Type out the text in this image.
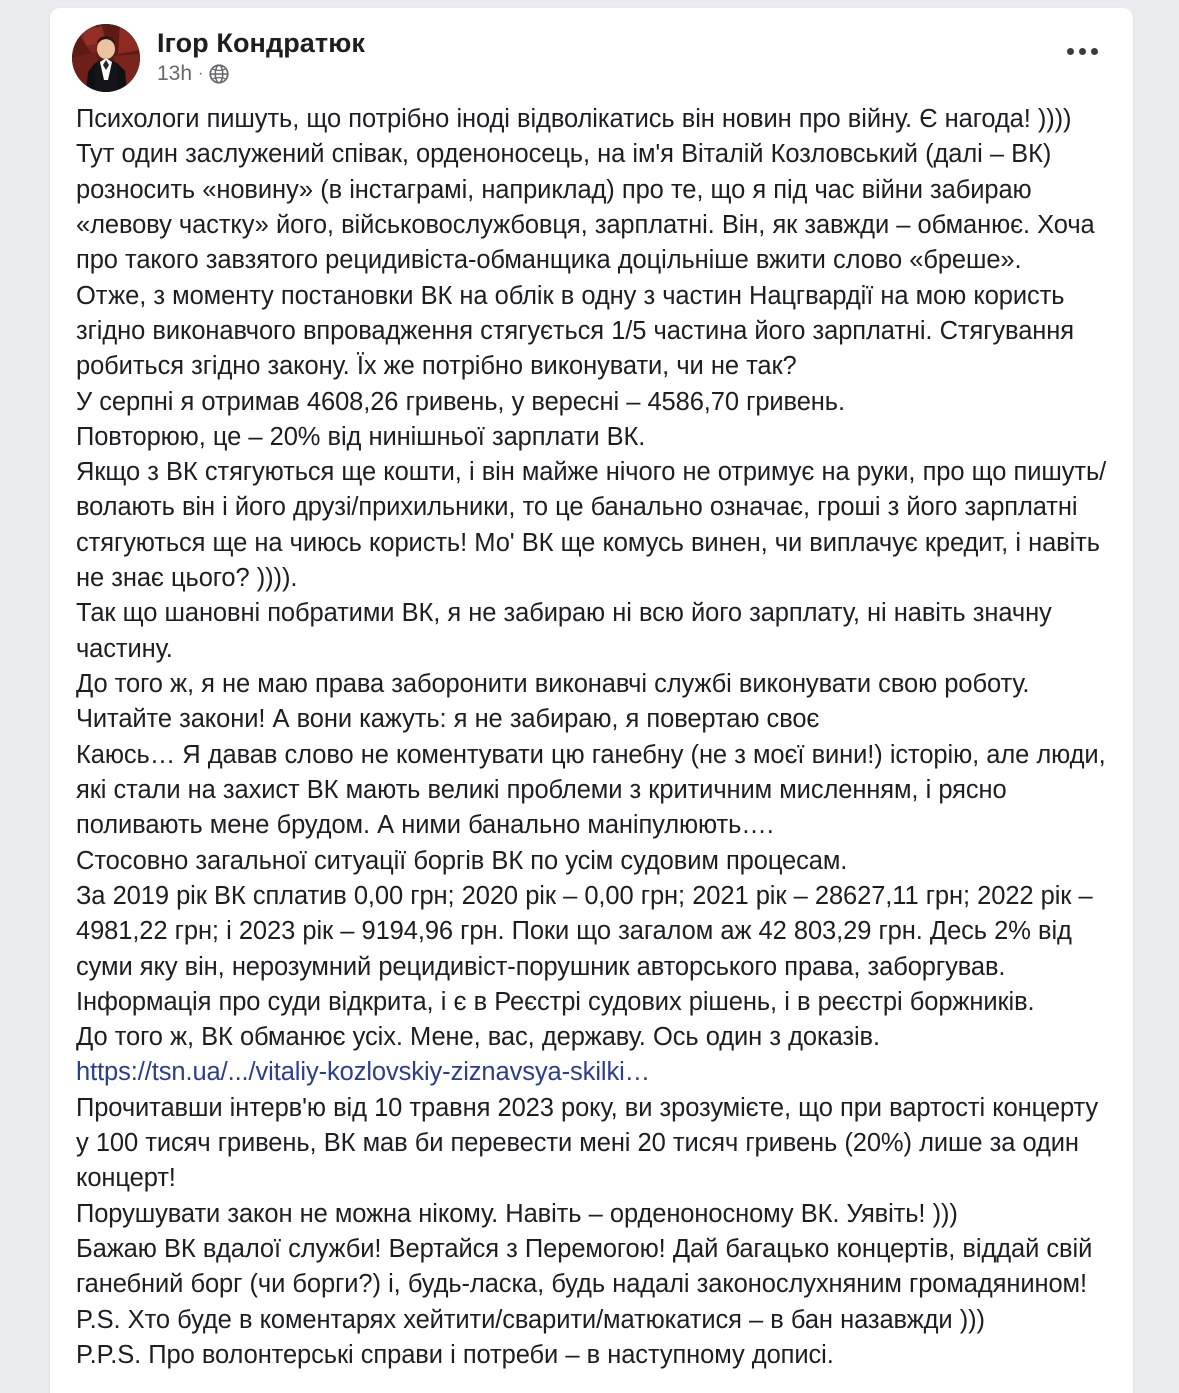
Ігор Кондратюк
13h ·

Психологи пишуть, що потрібно іноді відволікатись вiн новин про війну. Є нагода! ))))

Тут один заслужений співак, орденоносець, на ім'я Віталій Козловський (далі – ВК) розносить «новину» (в інстаграмі, наприклад) про те, що я під час війни забираю «левову частку» його, військовослужбовця, зарплатні. Він, як завжди – обманює. Хоча про такого завзятого рецидивіста-обманщика доцільніше вжити слово «бреше».

Отже, з моменту постановки ВК на облік в одну з частин Нацгвардії на мою користь згідно виконавчого впровадження стягується 1/5 частина його зарплатні. Стягування робиться згідно закону. Їх же потрібно виконувати, чи не так?

У серпні я отримав 4608,26 гривень, у вересні – 4586,70 гривень.

Повторюю, це – 20% від нинішньої зарплати ВК.

Якщо з ВК стягуються ще кошти, і він майже нічого не отримує на руки, про що пишуть/волають він і його друзі/прихильники, то це банально означає, гроші з його зарплатні стягуються ще на чиюсь користь! Мо' ВК ще комусь винен, чи виплачує кредит, і навіть не знає цього? )))).

Так що шановні побратими ВК, я не забираю ні всю його зарплату, ні навіть значну частину.

До того ж, я не маю права заборонити виконавчі службі виконувати свою роботу. Читайте закони! А вони кажуть: я не забираю, я повертаю своє

Каюсь… Я давав слово не коментувати цю ганебну (не з моєї вини!) історію, але люди, які стали на захист ВК мають великі проблеми з критичним мисленням, і рясно поливають мене брудом. А ними банально маніпулюють….

Стосовно загальної ситуації боргів ВК по усім судовим процесам.

За 2019 рік ВК сплатив 0,00 грн; 2020 рік – 0,00 грн; 2021 рік – 28627,11 грн; 2022 рік – 4981,22 грн; і 2023 рік – 9194,96 грн. Поки що загалом аж 42 803,29 грн. Десь 2% від суми яку він, нерозумний рецидивіст-порушник авторського права, заборгував. Інформація про суди відкрита, і є в Реєстрі судових рішень, і в реєстрі боржників.

До того ж, ВК обманює усіх. Мене, вас, державу. Ось один з доказів.

https://tsn.ua/.../vitaliy-kozlovskiy-ziznavsya-skilki…

Прочитавши інтерв'ю від 10 травня 2023 року, ви зрозумієте, що при вартості концерту у 100 тисяч гривень, ВК мав би перевести мені 20 тисяч гривень (20%) лише за один концерт!

Порушувати закон не можна нікому. Навіть – орденоносному ВК. Уявіть! )))

Бажаю ВК вдалої служби! Вертайся з Перемогою! Дай багацько концертів, віддай свій ганебний борг (чи борги?) і, будь-ласка, будь надалі законослухняним громадянином!

P.S. Хто буде в коментарях хейтити/сварити/матюкатися – в бан назавжди )))

P.P.S. Про волонтерські справи і потреби – в наступному дописі.
